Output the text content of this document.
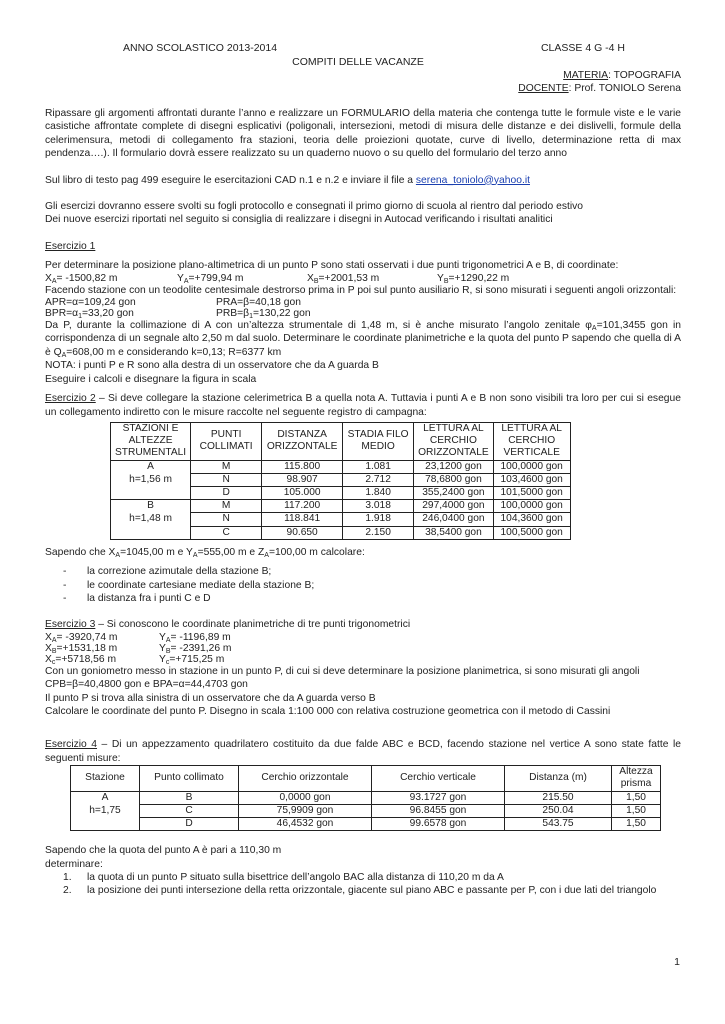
ANNO SCOLASTICO 2013-2014	CLASSE 4 G -4 H
COMPITI DELLE VACANZE
MATERIA: TOPOGRAFIA
DOCENTE: Prof. TONIOLO Serena

Ripassare gli argomenti affrontati durante l’anno e realizzare un FORMULARIO della materia che contenga tutte le formule viste e le varie casistiche affrontate complete di disegni esplicativi (poligonali, intersezioni, metodi di misura delle distanze e dei dislivelli, formule della celerimensura, metodi di collegamento fra stazioni, teoria delle proiezioni quotate, curve di livello, determinazione retta di max pendenza….). Il formulario dovrà essere realizzato su un quaderno nuovo o su quello del formulario del terzo anno

Sul libro di testo pag 499 eseguire le esercitazioni CAD n.1 e n.2 e inviare il file a serena_toniolo@yahoo.it

Gli esercizi dovranno essere svolti su fogli protocollo e consegnati il primo giorno di scuola al rientro dal periodo estivo

Dei nuove esercizi riportati nel seguito si consiglia di realizzare i disegni in Autocad verificando i risultati analitici

Esercizio 1

Per determinare la posizione plano-altimetrica di un punto P sono stati osservati i due punti trigonometrici A e B, di coordinate:

$X_A= -1500,82$ m	$Y_A=+799,94$ m	$X_B=+2001,53$ m	$Y_B=+1290,22$ m

Facendo stazione con un teodolite centesimale destrorso prima in P poi sul punto ausiliario R, si sono misurati i seguenti angoli orizzontali:

APR=α=109,24 gon	PRA=β=40,18 gon
$BPR=\alpha_1=33,20$ gon	$PRB=\beta_1=130,22$ gon

Da P, durante la collimazione di A con un’altezza strumentale di 1,48 m, si è anche misurato l’angolo zenitale $\varphi_A=101,3455$ gon in corrispondenza di un segnale alto 2,50 m dal suolo. Determinare le coordinate planimetriche e la quota del punto P sapendo che quella di A è $Q_A=608,00$ m e considerando k=0,13; R=6377 km

NOTA: i punti P e R sono alla destra di un osservatore che da A guarda B

Eseguire i calcoli e disegnare la figura in scala

Esercizio 2 – Si deve collegare la stazione celerimetrica B a quella nota A. Tuttavia i punti A e B non sono visibili tra loro per cui si esegue un collegamento indiretto con le misure raccolte nel seguente registro di campagna:

STAZIONI E ALTEZZE STRUMENTALI	PUNTI COLLIMATI	DISTANZA ORIZZONTALE	STADIA FILO MEDIO	LETTURA AL CERCHIO ORIZZONTALE	LETTURA AL CERCHIO VERTICALE
A	M	115.800	1.081	23,1200 gon	100,0000 gon
h=1,56 m	N	98.907	2.712	78,6800 gon	103,4600 gon
	D	105.000	1.840	355,2400 gon	101,5000 gon
B	M	117.200	3.018	297,4000 gon	100,0000 gon
h=1,48 m	N	118.841	1.918	246,0400 gon	104,3600 gon
	C	90.650	2.150	38,5400 gon	100,5000 gon

Sapendo che $X_A=1045,00$ m e $Y_A=555,00$ m e $Z_A=100,00$ m calcolare:

- la correzione azimutale della stazione B;
- le coordinate cartesiane mediate della stazione B;
- la distanza fra i punti C e D

Esercizio 3 – Si conoscono le coordinate planimetriche di tre punti trigonometrici

$X_A= -3920,74$ m	$Y_A= -1196,89$ m
$X_B=+1531,18$ m	$Y_B= -2391,26$ m
$X_c=+5718,56$ m	$Y_c=+715,25$ m

Con un goniometro messo in stazione in un punto P, di cui si deve determinare la posizione planimetrica, si sono misurati gli angoli

CPB=β=40,4800 gon e BPA=α=44,4703 gon

Il punto P si trova alla sinistra di un osservatore che da A guarda verso B

Calcolare le coordinate del punto P. Disegno in scala 1:100 000 con relativa costruzione geometrica con il metodo di Cassini

Esercizio 4 – Di un appezzamento quadrilatero costituito da due falde ABC e BCD, facendo stazione nel vertice A sono state fatte le seguenti misure:

Stazione	Punto collimato	Cerchio orizzontale	Cerchio verticale	Distanza (m)	Altezza prisma
A	B	0,0000 gon	93.1727 gon	215.50	1,50
h=1,75	C	75,9909 gon	96.8455 gon	250.04	1,50
	D	46,4532 gon	99.6578 gon	543.75	1,50

Sapendo che la quota del punto A è pari a 110,30 m

determinare:

1. la quota di un punto P situato sulla bisettrice dell’angolo BAC alla distanza di 110,20 m da A
2. la posizione dei punti intersezione della retta orizzontale, giacente sul piano ABC e passante per P, con i due lati del triangolo
1
